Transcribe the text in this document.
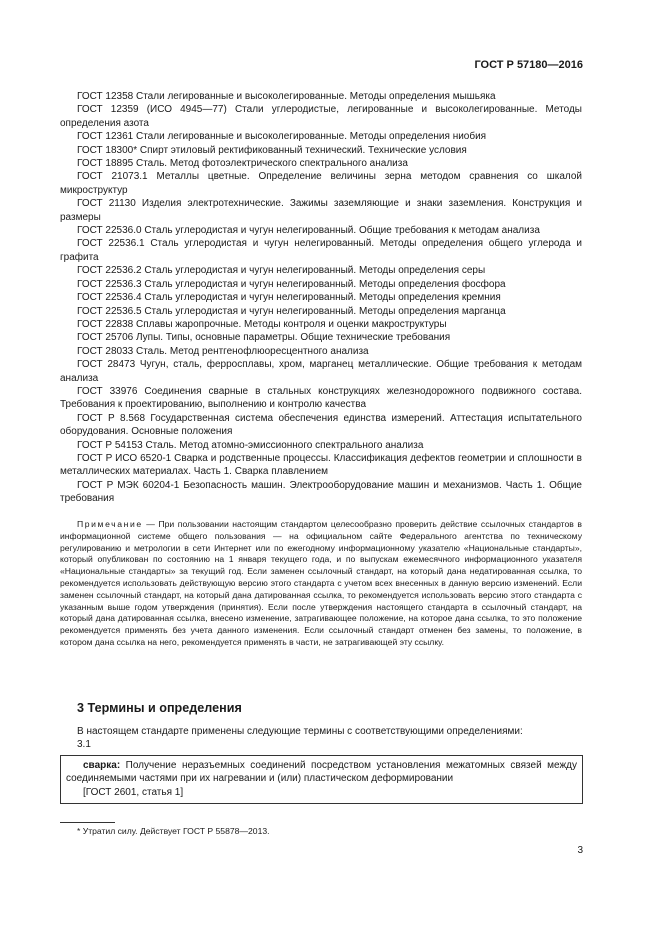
ГОСТ Р 57180—2016

ГОСТ 12358 Стали легированные и высоколегированные. Методы определения мышьяка

ГОСТ 12359 (ИСО 4945—77) Стали углеродистые, легированные и высоколегированные. Методы определения азота

ГОСТ 12361 Стали легированные и высоколегированные. Методы определения ниобия

ГОСТ 18300* Спирт этиловый ректификованный технический. Технические условия

ГОСТ 18895 Сталь. Метод фотоэлектрического спектрального анализа

ГОСТ 21073.1 Металлы цветные. Определение величины зерна методом сравнения со шкалой микроструктур

ГОСТ 21130 Изделия электротехнические. Зажимы заземляющие и знаки заземления. Конструкция и размеры

ГОСТ 22536.0 Сталь углеродистая и чугун нелегированный. Общие требования к методам анализа

ГОСТ 22536.1 Сталь углеродистая и чугун нелегированный. Методы определения общего углерода и графита

ГОСТ 22536.2 Сталь углеродистая и чугун нелегированный. Методы определения серы

ГОСТ 22536.3 Сталь углеродистая и чугун нелегированный. Методы определения фосфора

ГОСТ 22536.4 Сталь углеродистая и чугун нелегированный. Методы определения кремния

ГОСТ 22536.5 Сталь углеродистая и чугун нелегированный. Методы определения марганца

ГОСТ 22838 Сплавы жаропрочные. Методы контроля и оценки макроструктуры

ГОСТ 25706 Лупы. Типы, основные параметры. Общие технические требования

ГОСТ 28033 Сталь. Метод рентгенофлюоресцентного анализа

ГОСТ 28473 Чугун, сталь, ферросплавы, хром, марганец металлические. Общие требования к методам анализа

ГОСТ 33976 Соединения сварные в стальных конструкциях железнодорожного подвижного состава. Требования к проектированию, выполнению и контролю качества

ГОСТ Р 8.568 Государственная система обеспечения единства измерений. Аттестация испытательного оборудования. Основные положения

ГОСТ Р 54153 Сталь. Метод атомно-эмиссионного спектрального анализа

ГОСТ Р ИСО 6520-1 Сварка и родственные процессы. Классификация дефектов геометрии и сплошности в металлических материалах. Часть 1. Сварка плавлением

ГОСТ Р МЭК 60204-1 Безопасность машин. Электрооборудование машин и механизмов. Часть 1. Общие требования

Примечание — При пользовании настоящим стандартом целесообразно проверить действие ссылочных стандартов в информационной системе общего пользования — на официальном сайте Федерального агентства по техническому регулированию и метрологии в сети Интернет или по ежегодному информационному указателю «Национальные стандарты», который опубликован по состоянию на 1 января текущего года, и по выпускам ежемесячного информационного указателя «Национальные стандарты» за текущий год. Если заменен ссылочный стандарт, на который дана недатированная ссылка, то рекомендуется использовать действующую версию этого стандарта с учетом всех внесенных в данную версию изменений. Если заменен ссылочный стандарт, на который дана датированная ссылка, то рекомендуется использовать версию этого стандарта с указанным выше годом утверждения (принятия). Если после утверждения настоящего стандарта в ссылочный стандарт, на который дана датированная ссылка, внесено изменение, затрагивающее положение, на которое дана ссылка, то это положение рекомендуется применять без учета данного изменения. Если ссылочный стандарт отменен без замены, то положение, в котором дана ссылка на него, рекомендуется применять в части, не затрагивающей эту ссылку.
3 Термины и определения

В настоящем стандарте применены следующие термины с соответствующими определениями:

3.1

сварка: Получение неразъемных соединений посредством установления межатомных связей между соединяемыми частями при их нагревании и (или) пластическом деформировании

[ГОСТ 2601, статья 1]

* Утратил силу. Действует ГОСТ Р 55878—2013.
3
